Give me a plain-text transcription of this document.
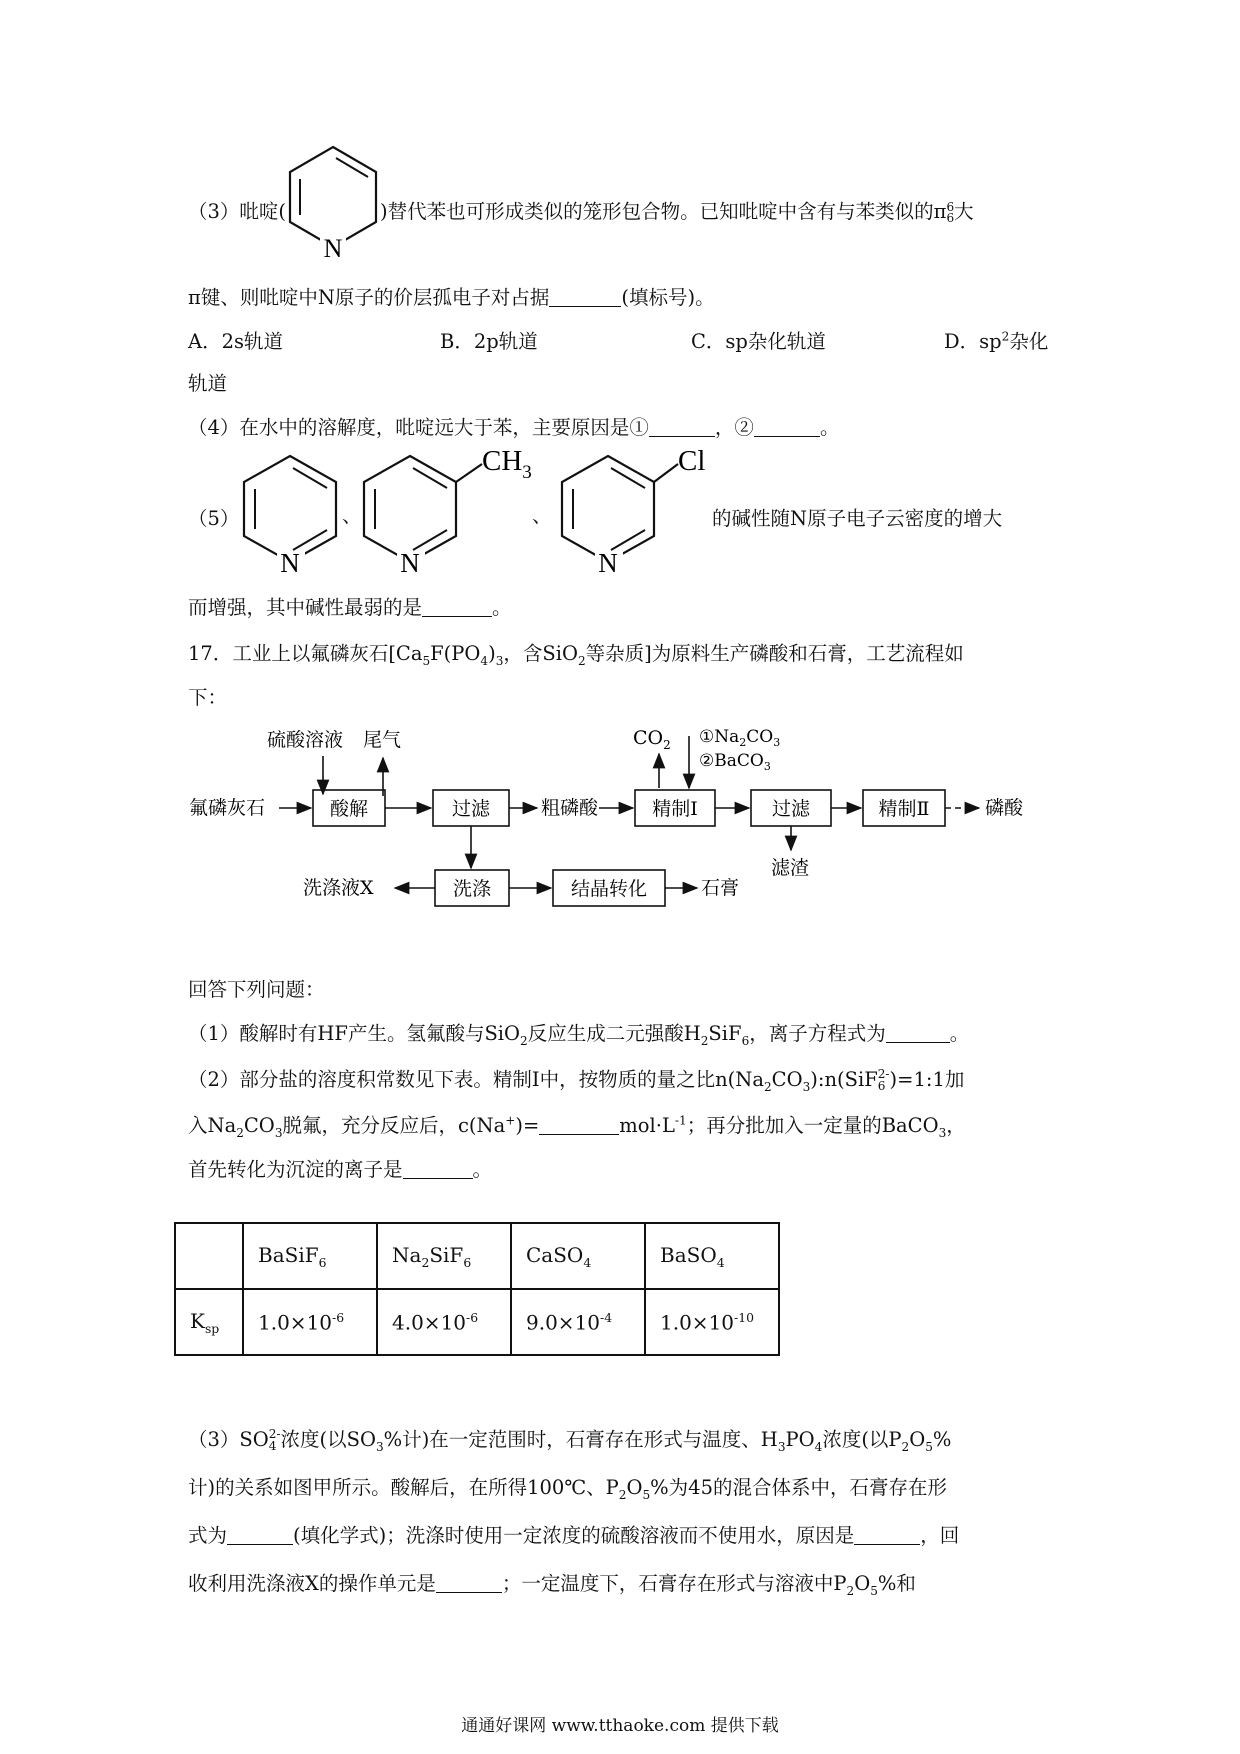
（3）吡啶(	)替代苯也可形成类似的笼形包合物。已知吡啶中含有与苯类似的π 6
6 大
N
π键、则吡啶中N原子的价层孤电子对占据	(填标号)。
A．2s轨道	B．2p轨道	C．sp杂化轨道	D．$sp^2$杂化
轨道
（4）在水中的溶解度，吡啶远大于苯，主要原因是①	，②	。
（5）
N
、
$CH_3$
N
、
Cl
N
的碱性随N原子电子云密度的增大
而增强，其中碱性最弱的是	。
17．工业上以氟磷灰石[$Ca_5F(PO_4)_3$，含SiO$_2$等杂质]为原料生产磷酸和石膏，工艺流程如
下：
硫酸溶液 尾气
氟磷灰石	酸解	过滤	粗磷酸	精制Ⅰ
$CO_2$ $①Na_2CO_3$
②BaCO$_3$
过滤
滤渣
精制Ⅱ	磷酸
洗涤
洗涤液X	结晶转化	石膏
回答下列问题：
（1）酸解时有HF产生。氢氟酸与SiO$_2$反应生成二元强酸$H_2SiF_6$，离子方程式为	。
（2）部分盐的溶度积常数见下表。精制Ⅰ中，按物质的量之比$n(Na_2CO_3):n(SiF$ 2-
6 )=1:1加
入$Na_2CO_3$脱氟，充分反应后，c(Na+)=	$mol\cdot L^{-1}$；再分批加入一定量的BaCO$_3$，
首先转化为沉淀的离子是	。
	BaSiF$_6$	$Na_2SiF_6$	CaSO$_4$	BaSO$_4$
$K_{sp}$	$1.0\times 10^{-6}$	$4.0\times 10^{-6}$	$9.0\times 10^{-4}$	$1.0\times 10^{-10}$
（3）SO 2-
4 浓度(以$SO_3\%$计)在一定范围时，石膏存在形式与温度、$H_3PO_4$浓度(以$P_2O_5\%$
计)的关系如图甲所示。酸解后，在所得100℃、$P_2O_5\%$为45的混合体系中，石膏存在形
式为	(填化学式)；洗涤时使用一定浓度的硫酸溶液而不使用水，原因是	，回
收利用洗涤液X的操作单元是	；一定温度下，石膏存在形式与溶液中$P_2O_5\%$和
通通好课网 www.tthaoke.com 提供下载
